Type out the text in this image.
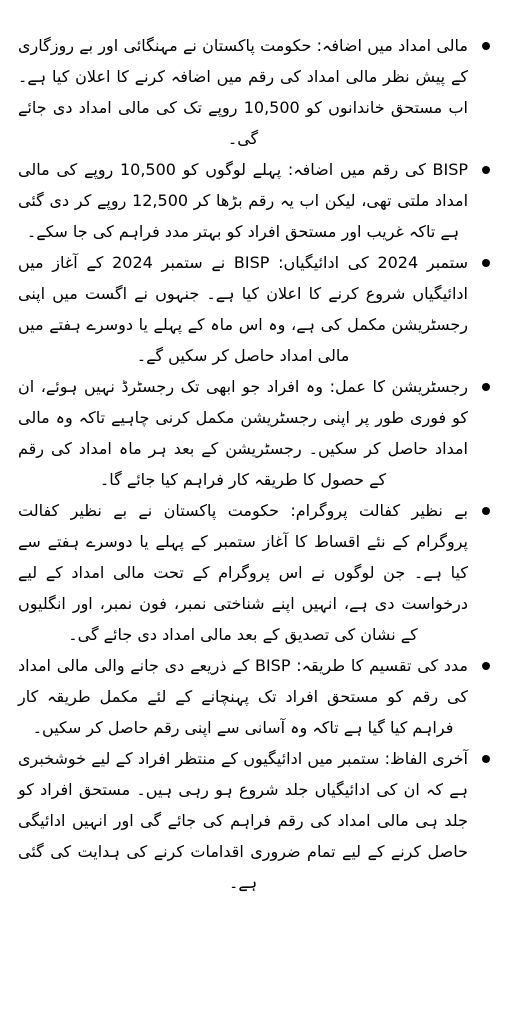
مالی امداد میں اضافہ: حکومت پاکستان نے مہنگائی اور بے روزگاری کے پیش نظر مالی امداد کی رقم میں اضافہ کرنے کا اعلان کیا ہے۔ اب مستحق خاندانوں کو 10,500 روپے تک کی مالی امداد دی جائے گی۔
BISP کی رقم میں اضافہ: پہلے لوگوں کو 10,500 روپے کی مالی امداد ملتی تھی، لیکن اب یہ رقم بڑھا کر 12,500 روپے کر دی گئی ہے تاکہ غریب اور مستحق افراد کو بہتر مدد فراہم کی جا سکے۔
ستمبر 2024 کی ادائیگیاں: BISP نے ستمبر 2024 کے آغاز میں ادائیگیاں شروع کرنے کا اعلان کیا ہے۔ جنہوں نے اگست میں اپنی رجسٹریشن مکمل کی ہے، وہ اس ماہ کے پہلے یا دوسرے ہفتے میں مالی امداد حاصل کر سکیں گے۔
رجسٹریشن کا عمل: وہ افراد جو ابھی تک رجسٹرڈ نہیں ہوئے، ان کو فوری طور پر اپنی رجسٹریشن مکمل کرنی چاہیے تاکہ وہ مالی امداد حاصل کر سکیں۔ رجسٹریشن کے بعد ہر ماہ امداد کی رقم کے حصول کا طریقہ کار فراہم کیا جائے گا۔
بے نظیر کفالت پروگرام: حکومت پاکستان نے بے نظیر کفالت پروگرام کے نئے اقساط کا آغاز ستمبر کے پہلے یا دوسرے ہفتے سے کیا ہے۔ جن لوگوں نے اس پروگرام کے تحت مالی امداد کے لیے درخواست دی ہے، انہیں اپنے شناختی نمبر، فون نمبر، اور انگلیوں کے نشان کی تصدیق کے بعد مالی امداد دی جائے گی۔
مدد کی تقسیم کا طریقہ: BISP کے ذریعے دی جانے والی مالی امداد کی رقم کو مستحق افراد تک پہنچانے کے لئے مکمل طریقہ کار فراہم کیا گیا ہے تاکہ وہ آسانی سے اپنی رقم حاصل کر سکیں۔
آخری الفاظ: ستمبر میں ادائیگیوں کے منتظر افراد کے لیے خوشخبری ہے کہ ان کی ادائیگیاں جلد شروع ہو رہی ہیں۔ مستحق افراد کو جلد ہی مالی امداد کی رقم فراہم کی جائے گی اور انہیں ادائیگی حاصل کرنے کے لیے تمام ضروری اقدامات کرنے کی ہدایت کی گئی ہے۔
